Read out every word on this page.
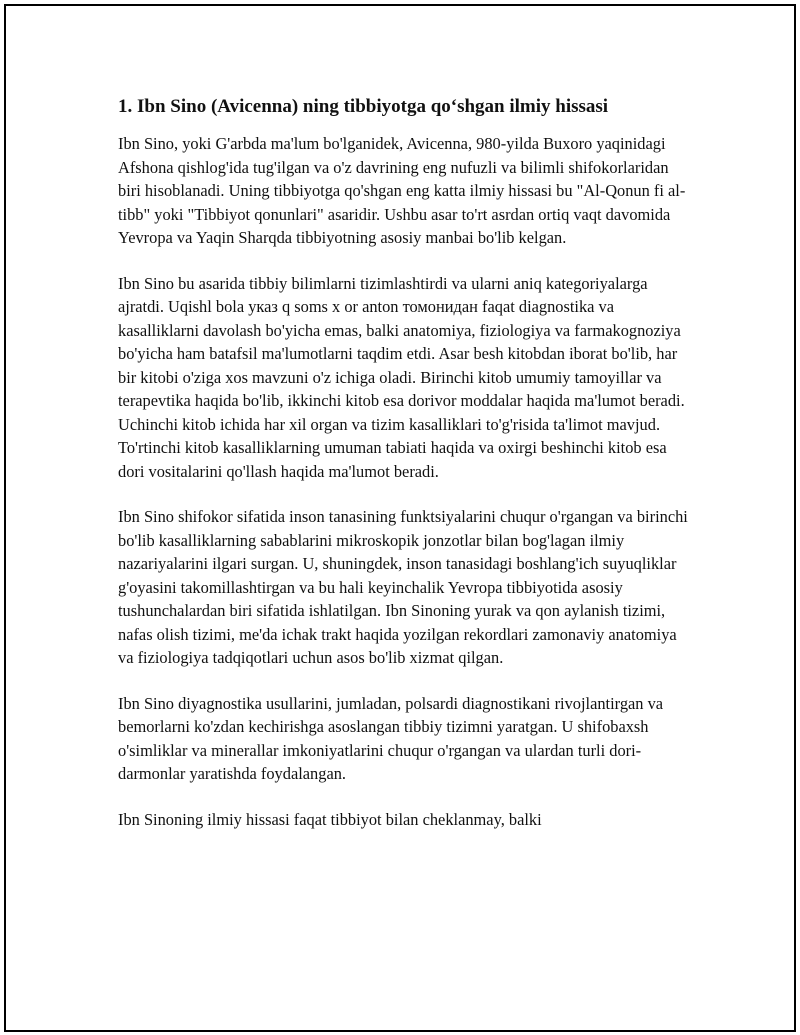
1. Ibn Sino (Avicenna) ning tibbiyotga qo‘shgan ilmiy hissasi

Ibn Sino, yoki G'arbda ma'lum bo'lganidek, Avicenna, 980-yilda Buxoro yaqinidagi Afshona qishlog'ida tug'ilgan va o'z davrining eng nufuzli va bilimli shifokorlaridan biri hisoblanadi. Uning tibbiyotga qo'shgan eng katta ilmiy hissasi bu "Al-Qonun fi al-tibb" yoki "Tibbiyot qonunlari" asaridir. Ushbu asar to'rt asrdan ortiq vaqt davomida Yevropa va Yaqin Sharqda tibbiyotning asosiy manbai bo'lib kelgan.

Ibn Sino bu asarida tibbiy bilimlarni tizimlashtirdi va ularni aniq kategoriyalarga ajratdi. Uqishl bola указ q soms x or anton томонидан faqat diagnostika va kasalliklarni davolash bo'yicha emas, balki anatomiya, fiziologiya va farmakognoziya bo'yicha ham batafsil ma'lumotlarni taqdim etdi. Asar besh kitobdan iborat bo'lib, har bir kitobi o'ziga xos mavzuni o'z ichiga oladi. Birinchi kitob umumiy tamoyillar va terapevtika haqida bo'lib, ikkinchi kitob esa dorivor moddalar haqida ma'lumot beradi. Uchinchi kitob ichida har xil organ va tizim kasalliklari to'g'risida ta'limot mavjud. To'rtinchi kitob kasalliklarning umuman tabiati haqida va oxirgi beshinchi kitob esa dori vositalarini qo'llash haqida ma'lumot beradi.

Ibn Sino shifokor sifatida inson tanasining funktsiyalarini chuqur o'rgangan va birinchi bo'lib kasalliklarning sabablarini mikroskopik jonzotlar bilan bog'lagan ilmiy nazariyalarini ilgari surgan. U, shuningdek, inson tanasidagi boshlang'ich suyuqliklar g'oyasini takomillashtirgan va bu hali keyinchalik Yevropa tibbiyotida asosiy tushunchalardan biri sifatida ishlatilgan. Ibn Sinoning yurak va qon aylanish tizimi, nafas olish tizimi, me'da ichak trakt haqida yozilgan rekordlari zamonaviy anatomiya va fiziologiya tadqiqotlari uchun asos bo'lib xizmat qilgan.

Ibn Sino diyagnostika usullarini, jumladan, polsardi diagnostikani rivojlantirgan va bemorlarni ko'zdan kechirishga asoslangan tibbiy tizimni yaratgan. U shifobaxsh o'simliklar va minerallar imkoniyatlarini chuqur o'rgangan va ulardan turli dori-darmonlar yaratishda foydalangan.

Ibn Sinoning ilmiy hissasi faqat tibbiyot bilan cheklanmay, balki
